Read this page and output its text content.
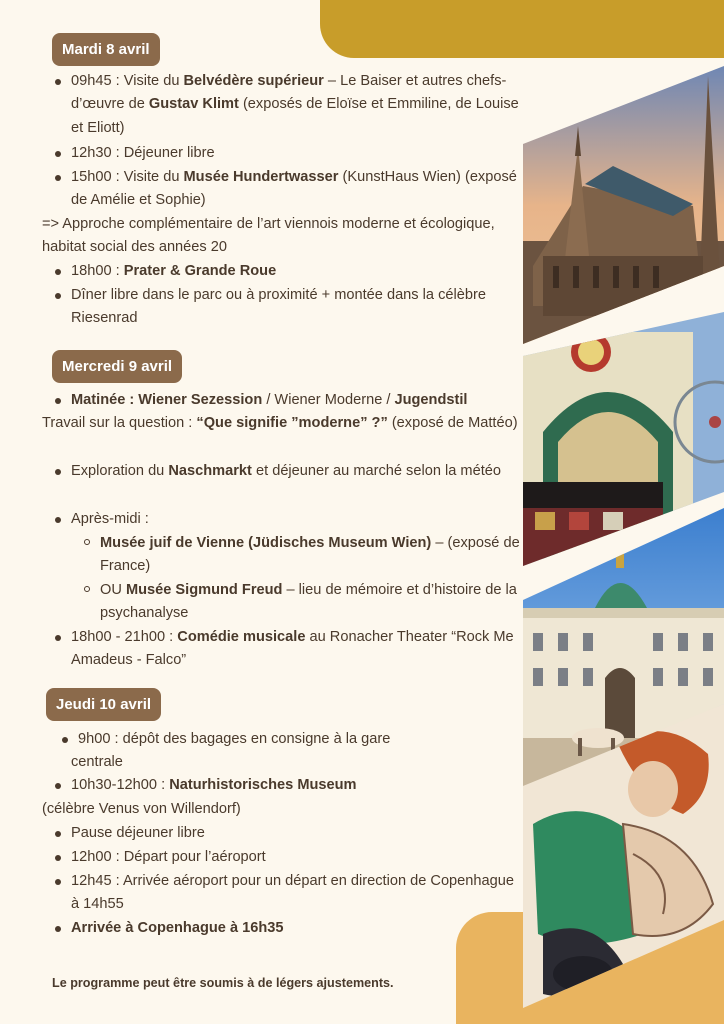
Mardi 8 avril
09h45 : Visite du Belvédère supérieur – Le Baiser et autres chefs-d’œuvre de Gustav Klimt (exposés de Eloïse et Emmiline, de Louise et Eliott)
12h30 : Déjeuner libre
15h00 : Visite du Musée Hundertwasser (KunstHaus Wien) (exposé de Amélie et Sophie)
=> Approche complémentaire de l’art viennois moderne et écologique, habitat social des années 20
18h00 : Prater & Grande Roue
Dîner libre dans le parc ou à proximité + montée dans la célèbre Riesenrad
Mercredi 9 avril
Matinée : Wiener Sezession / Wiener Moderne / Jugendstil
Travail sur la question : “Que signifie ”moderne” ?” (exposé de Mattéo)
Exploration du Naschmarkt et déjeuner au marché selon la météo
Après-midi :
Musée juif de Vienne (Jüdisches Museum Wien) – (exposé de France)
OU Musée Sigmund Freud – lieu de mémoire et d’histoire de la psychanalyse
18h00 - 21h00 : Comédie musicale au Ronacher Theater “Rock Me Amadeus - Falco”
Jeudi 10 avril
9h00 : dépôt des bagages en consigne à la gare
centrale
10h30-12h00 : Naturhistorisches Museum
(célèbre Venus von Willendorf)
Pause déjeuner libre
12h00 : Départ pour l’aéroport
12h45 : Arrivée aéroport pour un départ en direction de Copenhague à 14h55
Arrivée à Copenhague à 16h35
Le programme peut être soumis à de légers ajustements.
